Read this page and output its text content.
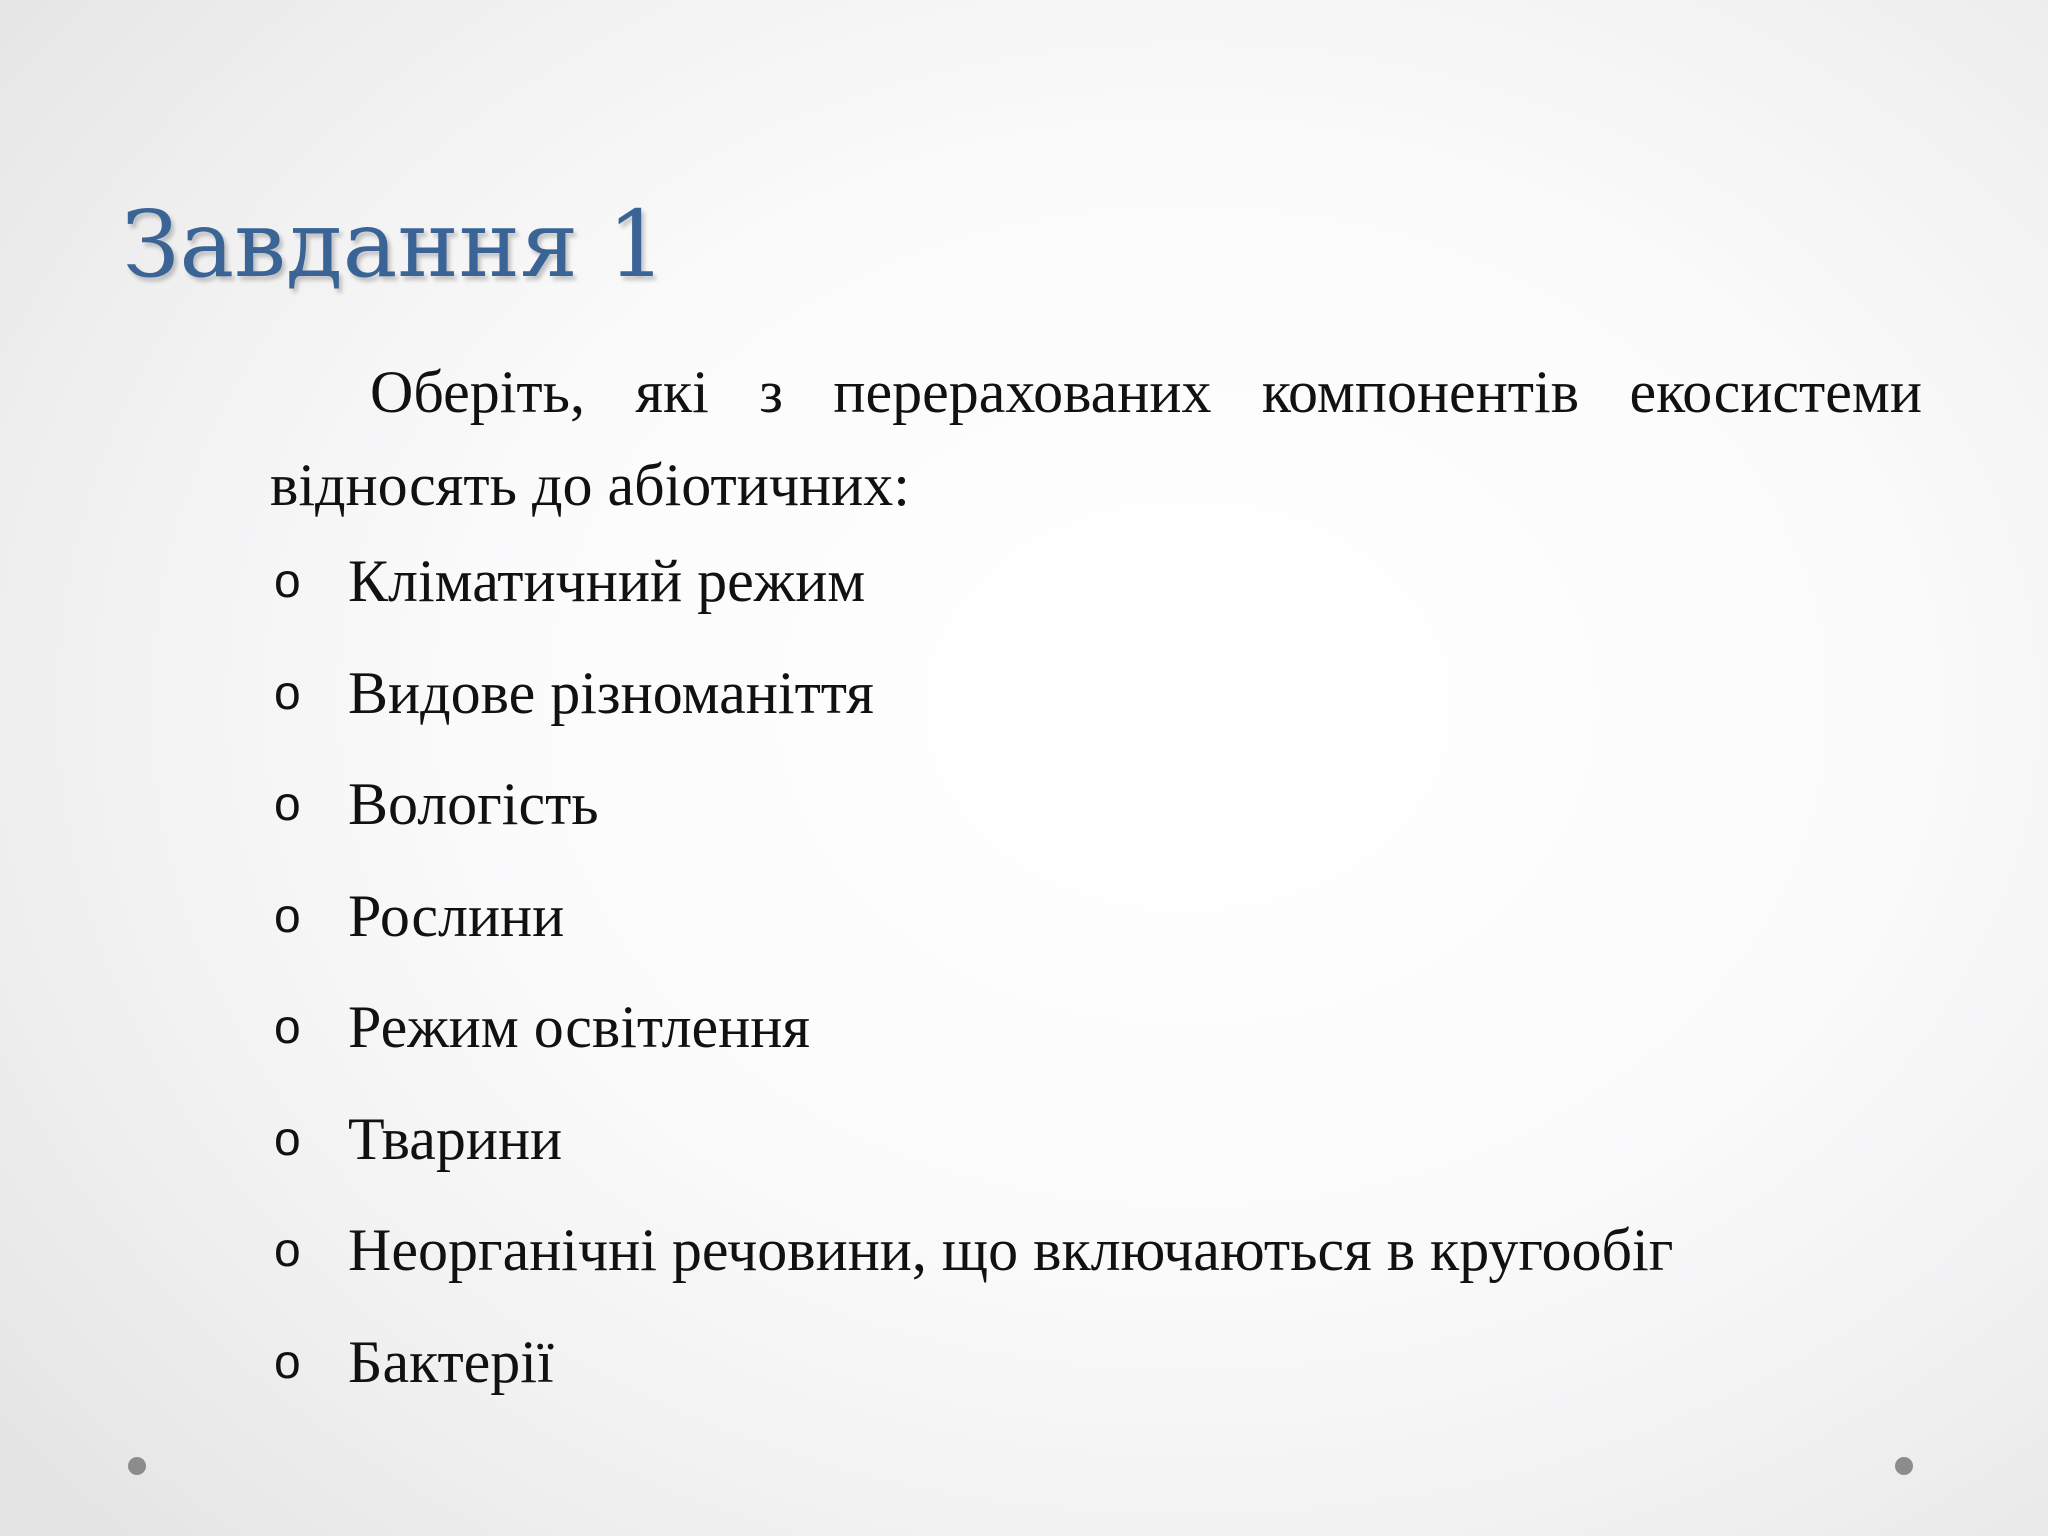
Завдання 1

Оберіть, які з перерахованих компонентів екосистеми відносять до абіотичних:

o Кліматичний режим
o Видове різноманіття
o Вологість
o Рослини
o Режим освітлення
o Тварини
o Неорганічні речовини, що включаються в кругообіг
o Бактерії
